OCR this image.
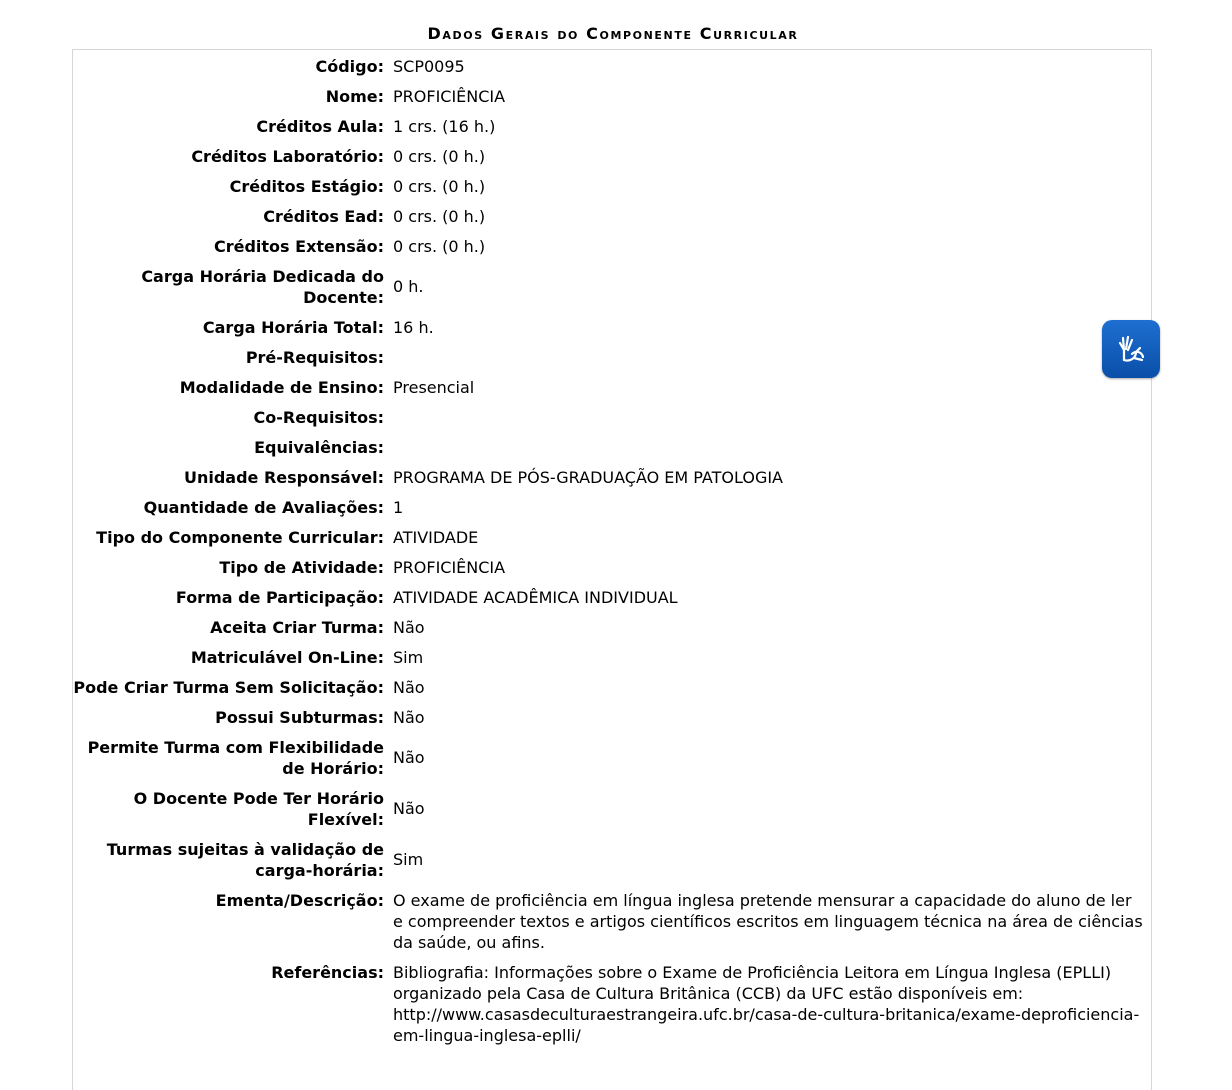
Dados Gerais do Componente Curricular
Código: SCP0095
Nome: PROFICIÊNCIA
Créditos Aula: 1 crs. (16 h.)
Créditos Laboratório: 0 crs. (0 h.)
Créditos Estágio: 0 crs. (0 h.)
Créditos Ead: 0 crs. (0 h.)
Créditos Extensão: 0 crs. (0 h.)
Carga Horária Dedicada do Docente:
0 h.
Carga Horária Total: 16 h.
Pré-Requisitos:
Modalidade de Ensino: Presencial
Co-Requisitos:
Equivalências:
Unidade Responsável: PROGRAMA DE PÓS-GRADUAÇÃO EM PATOLOGIA
Quantidade de Avaliações: 1
Tipo do Componente Curricular: ATIVIDADE
Tipo de Atividade: PROFICIÊNCIA
Forma de Participação: ATIVIDADE ACADÊMICA INDIVIDUAL
Aceita Criar Turma: Não
Matriculável On-Line: Sim
Pode Criar Turma Sem Solicitação: Não
Possui Subturmas: Não
Permite Turma com Flexibilidade de Horário:
Não
O Docente Pode Ter Horário Flexível:
Não
Turmas sujeitas à validação de carga-horária:
Sim
Ementa/Descrição: O exame de proficiência em língua inglesa pretende mensurar a capacidade do aluno de ler e compreender textos e artigos científicos escritos em linguagem técnica na área de ciências da saúde, ou afins.
Referências: Bibliografia: Informações sobre o Exame de Proficiência Leitora em Língua Inglesa (EPLLI) organizado pela Casa de Cultura Britânica (CCB) da UFC estão disponíveis em: http://www.casasdeculturaestrangeira.ufc.br/casa-de-cultura-britanica/exame-deproficiencia- em-lingua-inglesa-eplli/
